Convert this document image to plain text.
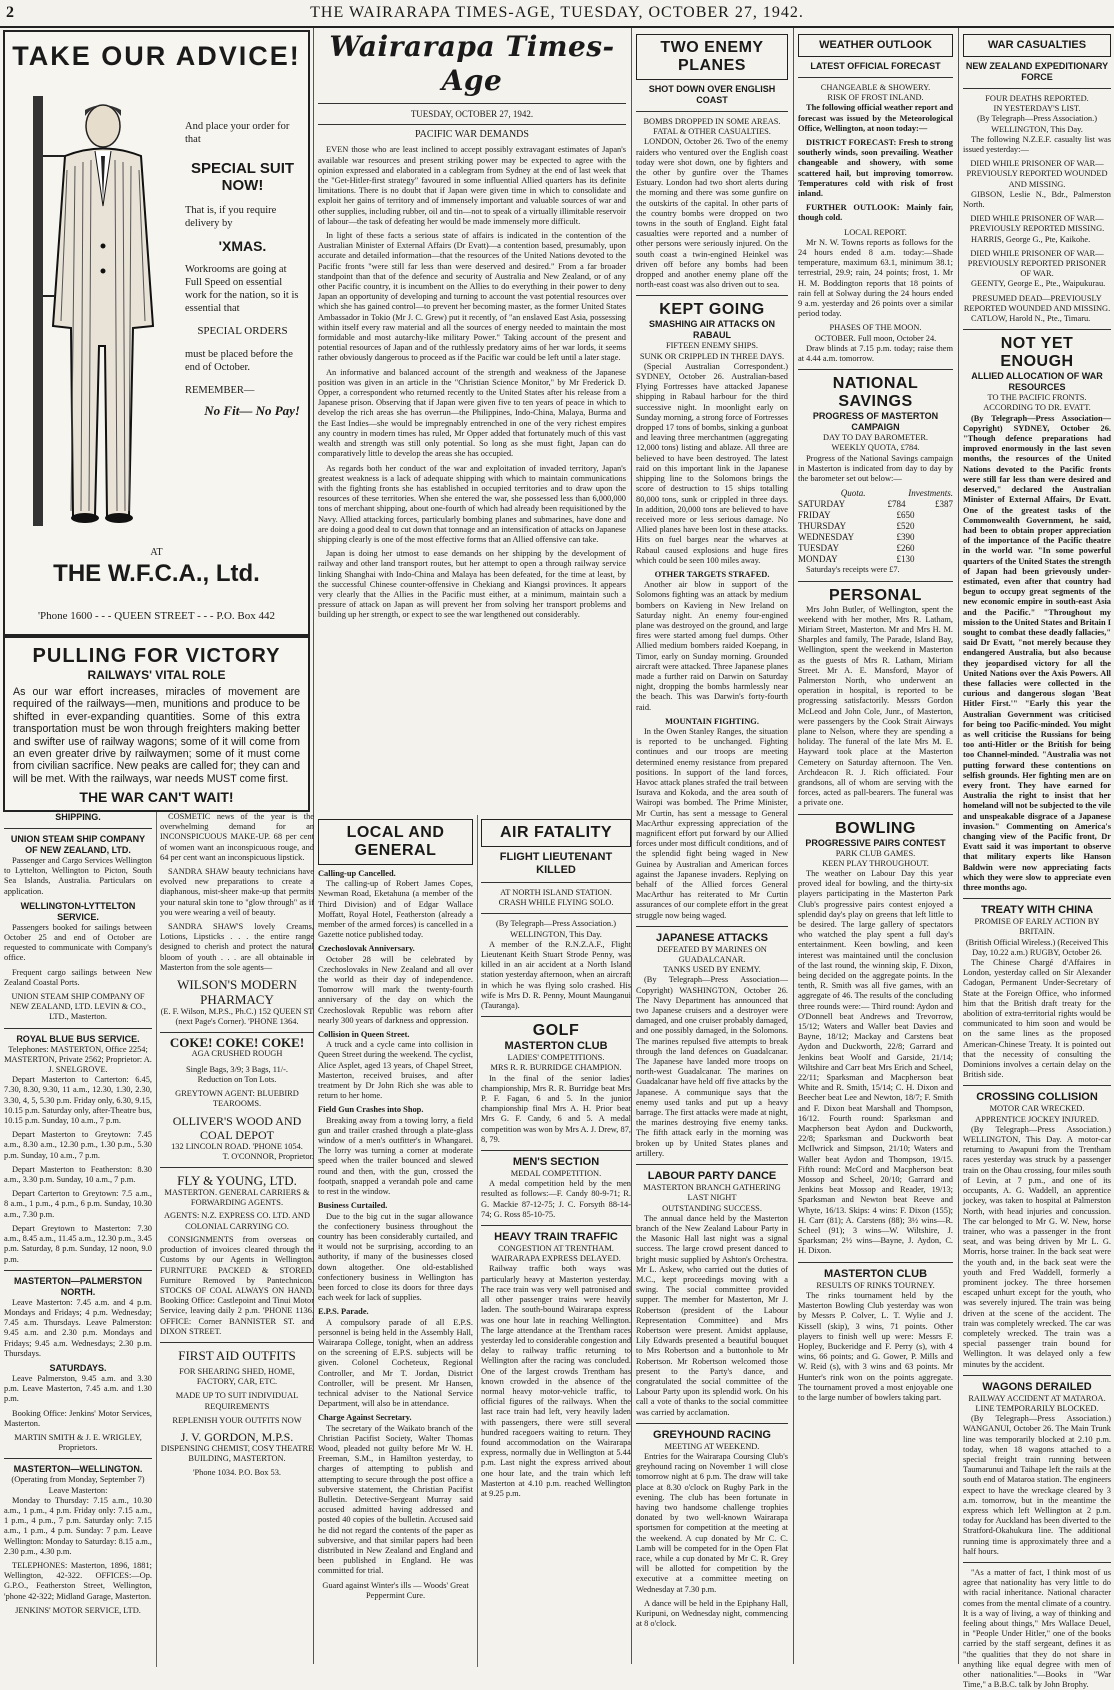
2	THE WAIRARAPA TIMES-AGE, TUESDAY, OCTOBER 27, 1942.
TAKE OUR ADVICE!
And place your order for that
SPECIAL SUIT NOW!
That is, if you require delivery by
'XMAS.
Workrooms are going at Full Speed on essential work for the nation, so it is essential that
SPECIAL ORDERS
must be placed before the end of October.
REMEMBER—
No Fit— No Pay!
AT
THE W.F.C.A., Ltd.
'Phone 1600 - - - QUEEN STREET - - - P.O. Box 442
PULLING FOR VICTORY
RAILWAYS' VITAL ROLE
As our war effort increases, miracles of movement are required of the railways—men, munitions and produce to be shifted in ever-expanding quantities. Some of this extra transportation must be won through freighters making better and swifter use of railway wagons; some of it will come from an even greater drive by railwaymen; some of it must come from civilian sacrifice. New peaks are called for; they can and will be met. With the railways, war needs MUST come first.
THE WAR CAN'T WAIT!
SHIPPING.
UNION STEAM SHIP COMPANY OF NEW ZEALAND, LTD.

Passenger and Cargo Services Wellington to Lyttelton, Wellington to Picton, South Sea Islands, Australia. Particulars on application.

WELLINGTON-LYTTELTON SERVICE.

Passengers booked for sailings between October 25 and end of October are requested to communicate with Company's office.

Frequent cargo sailings between New Zealand Coastal Ports.

UNION STEAM SHIP COMPANY OF NEW ZEALAND, LTD. LEVIN & CO., LTD., Masterton.
ROYAL BLUE BUS SERVICE.
Telephones: MASTERTON, Office 2254; MASTERTON, Private 2562; Proprietor: A. J. SNELGROVE.

Depart Masterton to Carterton: 6.45, 7.30, 8.30, 9.30, 11 a.m., 12.30, 1.30, 2.30, 3.30, 4, 5, 5.30 p.m. Friday only, 6.30, 9.15, 10.15 p.m. Saturday only, after-Theatre bus, 10.15 p.m. Sunday, 10 a.m., 7 p.m.

Depart Masterton to Greytown: 7.45 a.m., 8.30 a.m., 12.30 p.m., 1.30 p.m., 5.30 p.m. Sunday, 10 a.m., 7 p.m.

Depart Masterton to Featherston: 8.30 a.m., 3.30 p.m. Sunday, 10 a.m., 7 p.m.

Depart Carterton to Greytown: 7.5 a.m., 8 a.m., 1 p.m., 4 p.m., 6 p.m. Sunday, 10.30 a.m., 7.30 p.m.

Depart Greytown to Masterton: 7.30 a.m., 8.45 a.m., 11.45 a.m., 12.30 p.m., 3.45 p.m. Saturday, 8 p.m. Sunday, 12 noon, 9.0 p.m.

MASTERTON—PALMERSTON NORTH.

Leave Masterton: 7.45 a.m. and 4 p.m. Mondays and Fridays; 4 p.m. Wednesday; 7.45 a.m. Thursdays. Leave Palmerston: 9.45 a.m. and 2.30 p.m. Mondays and Fridays; 9.45 a.m. Wednesdays; 2.30 p.m. Thursdays.

SATURDAYS.

Leave Palmerston, 9.45 a.m. and 3.30 p.m. Leave Masterton, 7.45 a.m. and 1.30 p.m.

Booking Office: Jenkins' Motor Services, Masterton.

MARTIN SMITH & J. E. WRIGLEY, Proprietors.
MASTERTON—WELLINGTON.
(Operating from Monday, September 7) Leave Masterton:

Monday to Thursday: 7.15 a.m., 10.30 a.m., 1 p.m., 4 p.m. Friday only: 7.15 a.m., 1 p.m., 4 p.m., 7 p.m. Saturday only: 7.15 a.m., 1 p.m., 4 p.m. Sunday: 7 p.m. Leave Wellington: Monday to Saturday: 8.15 a.m., 2.30 p.m., 4.30 p.m.

TELEPHONES: Masterton, 1896, 1881; Wellington, 42-322. OFFICES:—Op. G.P.O., Featherston Street, Wellington, 'phone 42-322; Midland Garage, Masterton.

JENKINS' MOTOR SERVICE, LTD.

COSMETIC news of the year is the overwhelming demand for an INCONSPICUOUS MAKE-UP. 68 per cent of women want an inconspicuous rouge, and 64 per cent want an inconspicuous lipstick.

SANDRA SHAW beauty technicians have evolved new preparations to create a diaphanous, mist-sheer make-up that permits your natural skin tone to "glow through" as if you were wearing a veil of beauty.

SANDRA SHAW'S lovely Creams, Lotions, Lipsticks . . . the entire range designed to cherish and protect the natural bloom of youth . . . are all obtainable in Masterton from the sole agents—

WILSON'S MODERN PHARMACY
(E. F. Wilson, M.P.S., Ph.C.) 152 QUEEN ST (next Page's Corner). 'PHONE 1364.
COKE! COKE! COKE!
AGA CRUSHED ROUGH
Single Bags, 3/9; 3 Bags, 11/-.
Reduction on Ton Lots.
GREYTOWN AGENT: BLUEBIRD TEAROOMS.
OLLIVER'S WOOD AND COAL DEPOT
132 LINCOLN ROAD. 'PHONE 1054.
T. O'CONNOR, Proprietor.
FLY & YOUNG, LTD.
MASTERTON. GENERAL CARRIERS & FORWARDING AGENTS.
AGENTS: N.Z. EXPRESS CO. LTD. AND COLONIAL CARRYING CO.

CONSIGNMENTS from overseas on production of invoices cleared through the Customs by our Agents in Wellington. FURNITURE PACKED & STORED. Furniture Removed by Pantechnicon. STOCKS OF COAL ALWAYS ON HAND. Booking Office: Castlepoint and Tinui Motor Service, leaving daily 2 p.m. 'PHONE 1136. OFFICE: Corner BANNISTER ST. and DIXON STREET.

FIRST AID OUTFITS
FOR SHEARING SHED, HOME, FACTORY, CAR, ETC.
MADE UP TO SUIT INDIVIDUAL REQUIREMENTS
REPLENISH YOUR OUTFITS NOW
J. V. GORDON, M.P.S.
DISPENSING CHEMIST, COSY THEATRE BUILDING, MASTERTON.
'Phone 1034. P.O. Box 53.
Wairarapa Times-Age
TUESDAY, OCTOBER 27, 1942.
PACIFIC WAR DEMANDS

EVEN those who are least inclined to accept possibly extravagant estimates of Japan's available war resources and present striking power may be expected to agree with the opinion expressed and elaborated in a cablegram from Sydney at the end of last week that the "Get-Hitler-first strategy" favoured in some influential Allied quarters has its definite limitations. There is no doubt that if Japan were given time in which to consolidate and exploit her gains of territory and of immensely important and valuable sources of war and other supplies, including rubber, oil and tin—not to speak of a virtually illimitable reservoir of labour—the task of defeating her would be made immensely more difficult.

In light of these facts a serious state of affairs is indicated in the contention of the Australian Minister of External Affairs (Dr Evatt)—a contention based, presumably, upon accurate and detailed information—that the resources of the United Nations devoted to the Pacific fronts "were still far less than were deserved and desired." From a far broader standpoint than that of the defence and security of Australia and New Zealand, or of any other Pacific country, it is incumbent on the Allies to do everything in their power to deny Japan an opportunity of developing and turning to account the vast potential resources over which she has gained control—to prevent her becoming master, as the former United States Ambassador in Tokio (Mr J. C. Grew) put it recently, of "an enslaved East Asia, possessing within itself every raw material and all the sources of energy needed to maintain the most formidable and most autarchy-like military Power." Taking account of the present and potential resources of Japan and of the ruthlessly predatory aims of her war lords, it seems rather obviously dangerous to proceed as if the Pacific war could be left until a later stage.

An informative and balanced account of the strength and weakness of the Japanese position was given in an article in the "Christian Science Monitor," by Mr Frederick D. Opper, a correspondent who returned recently to the United States after his release from a Japanese prison. Observing that if Japan were given five to ten years of peace in which to develop the rich areas she has overrun—the Philippines, Indo-China, Malaya, Burma and the East Indies—she would be impregnably entrenched in one of the very richest empires any country in modern times has ruled, Mr Opper added that fortunately much of this vast wealth and strength was still only potential. So long as she must fight, Japan can do comparatively little to develop the areas she has occupied.

As regards both her conduct of the war and exploitation of invaded territory, Japan's greatest weakness is a lack of adequate shipping with which to maintain communications with the fighting fronts she has established in occupied territories and to draw upon the resources of these territories. When she entered the war, she possessed less than 6,000,000 tons of merchant shipping, about one-fourth of which had already been requisitioned by the Navy. Allied attacking forces, particularly bombing planes and submarines, have done and are doing a good deal to cut down that tonnage and an intensification of attacks on Japanese shipping clearly is one of the most effective forms that an Allied offensive can take.

Japan is doing her utmost to ease demands on her shipping by the development of railway and other land transport routes, but her attempt to open a through railway service linking Shanghai with Indo-China and Malaya has been defeated, for the time at least, by the successful Chinese counter-offensive in Chekiang and Kiangsi provinces. It appears very clearly that the Allies in the Pacific must either, at a minimum, maintain such a pressure of attack on Japan as will prevent her from solving her transport problems and building up her strength, or expect to see the war lengthened out considerably.

LOCAL AND GENERAL
Calling-up Cancelled.

The calling-up of Robert James Copes, Newman Road, Eketahuna (a member of the Third Division) and of Edgar Wallace Moffatt, Royal Hotel, Featherston (already a member of the armed forces) is cancelled in a Gazette notice published today.

Czechoslovak Anniversary.

October 28 will be celebrated by Czechoslovaks in New Zealand and all over the world as their day of independence. Tomorrow will mark the twenty-fourth anniversary of the day on which the Czechoslovak Republic was reborn after nearly 300 years of darkness and oppression.

Collision in Queen Street.

A truck and a cycle came into collision in Queen Street during the weekend. The cyclist, Alice Asplet, aged 13 years, of Chapel Street, Masterton, received bruises, and after treatment by Dr John Rich she was able to return to her home.

Field Gun Crashes into Shop.

Breaking away from a towing lorry, a field gun and trailer crashed through a plate-glass window of a men's outfitter's in Whangarei. The lorry was turning a corner at moderate speed when the trailer bounced and slewed round and then, with the gun, crossed the footpath, snapped a verandah pole and came to rest in the window.

Business Curtailed.

Due to the big cut in the sugar allowance the confectionery business throughout the country has been considerably curtailed, and it would not be surprising, according to an authority, if many of the businesses closed down altogether. One old-established confectionery business in Wellington has been forced to close its doors for three days each week for lack of supplies.

E.P.S. Parade.

A compulsory parade of all E.P.S. personnel is being held in the Assembly Hall, Wairarapa College, tonight, when an address on the screening of E.P.S. subjects will be given. Colonel Cocheteux, Regional Controller, and Mr T. Jordan, District Controller, will be present. Mr Hansen, technical adviser to the National Service Department, will also be in attendance.

Charge Against Secretary.

The secretary of the Waikato branch of the Christian Pacifist Society, Walter Thomas Wood, pleaded not guilty before Mr W. H. Freeman, S.M., in Hamilton yesterday, to charges of attempting to publish and attempting to secure through the post office a subversive statement, the Christian Pacifist Bulletin. Detective-Sergeant Murray said accused admitted having addressed and posted 40 copies of the bulletin. Accused said he did not regard the contents of the paper as subversive, and that similar papers had been distributed in New Zealand and England and been published in England. He was committed for trial.

Guard against Winter's ills — Woods' Great Peppermint Cure.
AIR FATALITY
FLIGHT LIEUTENANT KILLED
AT NORTH ISLAND STATION.
CRASH WHILE FLYING SOLO.
(By Telegraph—Press Association.) WELLINGTON, This Day.

A member of the R.N.Z.A.F., Flight Lieutenant Keith Stuart Strode Penny, was killed in an air accident at a North Island station yesterday afternoon, when an aircraft in which he was flying solo crashed. His wife is Mrs D. R. Penny, Mount Maunganui (Tauranga).

GOLF
MASTERTON CLUB
LADIES' COMPETITIONS.
MRS R. R. BURRIDGE CHAMPION.

In the final of the senior ladies' championship, Mrs R. R. Burridge beat Mrs P. F. Fagan, 6 and 5. In the junior championship final Mrs A. H. Prior beat Mrs G. F. Candy, 6 and 5. A medal competition was won by Mrs A. J. Drew, 87, 8, 79.

MEN'S SECTION
MEDAL COMPETITION.

A medal competition held by the men resulted as follows:—F. Candy 80-9-71; R. G. Mackie 87-12-75; J. C. Forsyth 88-14-74; G. Ross 85-10-75.

HEAVY TRAIN TRAFFIC
CONGESTION AT TRENTHAM.
WAIRARAPA EXPRESS DELAYED.

Railway traffic both ways was particularly heavy at Masterton yesterday. The race train was very well patronised and all other passenger trains were heavily laden. The south-bound Wairarapa express was one hour late in reaching Wellington. The large attendance at the Trentham races yesterday led to considerable congestion and delay to railway traffic returning to Wellington after the racing was concluded. One of the largest crowds Trentham has known crowded in the absence of the normal heavy motor-vehicle traffic, to official figures of the railways. When the last race train had left, very heavily laden with passengers, there were still several hundred racegoers waiting to return. They found accommodation on the Wairarapa express, normally due in Wellington at 5.44 p.m. Last night the express arrived about one hour late, and the train which left Masterton at 4.10 p.m. reached Wellington at 9.25 p.m.

TWO ENEMY PLANES
SHOT DOWN OVER ENGLISH COAST
BOMBS DROPPED IN SOME AREAS.
FATAL & OTHER CASUALTIES.

LONDON, October 26. Two of the enemy raiders who ventured over the English coast today were shot down, one by fighters and the other by gunfire over the Thames Estuary. London had two short alerts during the morning and there was some gunfire on the outskirts of the capital. In other parts of the country bombs were dropped on two towns in the south of England. Eight fatal casualties were reported and a number of other persons were seriously injured. On the south coast a twin-engined Heinkel was driven off before any bombs had been dropped and another enemy plane off the north-east coast was also driven out to sea.

KEPT GOING
SMASHING AIR ATTACKS ON RABAUL
FIFTEEN ENEMY SHIPS.
SUNK OR CRIPPLED IN THREE DAYS.

(Special Australian Correspondent.) SYDNEY, October 26. Australian-based Flying Fortresses have attacked Japanese shipping in Rabaul harbour for the third successive night. In moonlight early on Sunday morning, a strong force of Fortresses dropped 17 tons of bombs, sinking a gunboat and leaving three merchantmen (aggregating 12,000 tons) listing and ablaze. All three are believed to have been destroyed. The latest raid on this important link in the Japanese shipping line to the Solomons brings the score of destruction to 15 ships totalling 80,000 tons, sunk or crippled in three days. In addition, 20,000 tons are believed to have received more or less serious damage. No Allied planes have been lost in these attacks. Hits on fuel barges near the wharves at Rabaul caused explosions and huge fires which could be seen 100 miles away.

OTHER TARGETS STRAFED.

Another air blow in support of the Solomons fighting was an attack by medium bombers on Kavieng in New Ireland on Saturday night. An enemy four-engined plane was destroyed on the ground, and large fires were started among fuel dumps. Other Allied medium bombers raided Koepang, in Timor, early on Sunday morning. Grounded aircraft were attacked. Three Japanese planes made a further raid on Darwin on Saturday night, dropping the bombs harmlessly near the beach. This was Darwin's forty-fourth raid.

MOUNTAIN FIGHTING.

In the Owen Stanley Ranges, the situation is reported to be unchanged. Fighting continues and our troops are meeting determined enemy resistance from prepared positions. In support of the land forces, Havoc attack planes strafed the trail between Isurava and Kokoda, and the area south of Wairopi was bombed. The Prime Minister, Mr Curtin, has sent a message to General MacArthur expressing appreciation of the magnificent effort put forward by our Allied forces under most difficult conditions, and of the splendid fight being waged in New Guinea by Australian and American forces against the Japanese invaders. Replying on behalf of the Allied forces General MacArthur has reiterated to Mr Curtin assurances of our complete effort in the great struggle now being waged.

JAPANESE ATTACKS
DEFEATED BY MARINES ON GUADALCANAR.
TANKS USED BY ENEMY.

(By Telegraph—Press Association—Copyright) WASHINGTON, October 26. The Navy Department has announced that two Japanese cruisers and a destroyer were damaged, and one cruiser probably damaged, and one possibly damaged, in the Solomons. The marines repulsed five attempts to break through the land defences on Guadalcanar. The Japanese have landed more troops on north-west Guadalcanar. The marines on Guadalcanar have held off five attacks by the Japanese. A communique says that the enemy used tanks and put up a heavy barrage. The first attacks were made at night, the marines destroying five enemy tanks. The fifth attack early in the morning was broken up by United States planes and artillery.

LABOUR PARTY DANCE
MASTERTON BRANCH GATHERING LAST NIGHT
OUTSTANDING SUCCESS.

The annual dance held by the Masterton branch of the New Zealand Labour Party in the Masonic Hall last night was a signal success. The large crowd present danced to bright music supplied by Ashton's Orchestra. Mr L. Askew, who carried out the duties of M.C., kept proceedings moving with a swing. The social committee provided supper. The member for Masterton, Mr J. Robertson (president of the Labour Representation Committee) and Mrs Robertson were present. Amidst applause, Lily Edwards presented a beautiful bouquet to Mrs Robertson and a buttonhole to Mr Robertson. Mr Robertson welcomed those present to the Party's dance, and congratulated the social committee of the Labour Party upon its splendid work. On his call a vote of thanks to the social committee was carried by acclamation.

GREYHOUND RACING
MEETING AT WEEKEND.

Entries for the Wairarapa Coursing Club's greyhound racing on November 1 will close tomorrow night at 6 p.m. The draw will take place at 8.30 o'clock on Rugby Park in the evening. The club has been fortunate in having two handsome challenge trophies donated by two well-known Wairarapa sportsmen for competition at the meeting at the weekend. A cup donated by Mr C. C. Lamb will be competed for in the Open Flat race, while a cup donated by Mr C. R. Grey will be allotted for competition by the executive at a committee meeting on Wednesday at 7.30 p.m.

A dance will be held in the Epiphany Hall, Kuripuni, on Wednesday night, commencing at 8 o'clock.

WEATHER OUTLOOK
LATEST OFFICIAL FORECAST
CHANGEABLE & SHOWERY.
RISK OF FROST INLAND.

The following official weather report and forecast was issued by the Meteorological Office, Wellington, at noon today:—

DISTRICT FORECAST: Fresh to strong southerly winds, soon prevailing. Weather changeable and showery, with some scattered hail, but improving tomorrow. Temperatures cold with risk of frost inland.

FURTHER OUTLOOK: Mainly fair, though cold.

LOCAL REPORT.

Mr N. W. Towns reports as follows for the 24 hours ended 8 a.m. today:—Shade temperature, maximum 63.1, minimum 38.1; terrestrial, 29.9; rain, 24 points; frost, 1. Mr H. M. Boddington reports that 18 points of rain fell at Solway during the 24 hours ended 9 a.m. yesterday and 26 points over a similar period today.

PHASES OF THE MOON.
OCTOBER. Full moon, October 24.

Draw blinds at 7.15 p.m. today; raise them at 4.44 a.m. tomorrow.

NATIONAL SAVINGS
PROGRESS OF MASTERTON CAMPAIGN
DAY TO DAY BAROMETER.
WEEKLY QUOTA, £784.

Progress of the National Savings campaign in Masterton is indicated from day to day by the barometer set out below:—

Quota.	Investments.
SATURDAY	£784	£387
FRIDAY	£650
THURSDAY	£520
WEDNESDAY	£390
TUESDAY	£260
MONDAY	£130

Saturday's receipts were £7.

PERSONAL

Mrs John Butler, of Wellington, spent the weekend with her mother, Mrs R. Latham, Miriam Street, Masterton. Mr and Mrs H. M. Sharples and family, The Parade, Island Bay, Wellington, spent the weekend in Masterton as the guests of Mrs R. Latham, Miriam Street. Mr A. E. Mansford, Mayor of Palmerston North, who underwent an operation in hospital, is reported to be progressing satisfactorily. Messrs Gordon McLeod and John Cole, Junr., of Masterton, were passengers by the Cook Strait Airways plane to Nelson, where they are spending a holiday. The funeral of the late Mrs M. E. Hayward took place at the Masterton Cemetery on Saturday afternoon. The Ven. Archdeacon R. J. Rich officiated. Four grandsons, all of whom are serving with the forces, acted as pall-bearers. The funeral was a private one.

BOWLING
PROGRESSIVE PAIRS CONTEST
PARK CLUB GAMES.
KEEN PLAY THROUGHOUT.

The weather on Labour Day this year proved ideal for bowling, and the thirty-six players participating in the Masterton Park Club's progressive pairs contest enjoyed a splendid day's play on greens that left little to be desired. The large gallery of spectators who watched the play spent a full day's entertainment. Keen bowling, and keen interest was maintained until the conclusion of the last round, the winning skip, F. Dixon, being decided on the aggregate points. In the tenth, R. Smith was all five games, with an aggregate of 46. The results of the concluding three rounds were:— Third round: Aydon and O'Donnell beat Andrews and Trevorrow, 15/12; Waters and Waller beat Davies and Bayne, 18/12; Mackay and Carstens beat Aydon and Duckworth, 22/8; Garrard and Jenkins beat Woolf and Garside, 21/14; Wiltshire and Carr beat Mrs Erich and Scheel, 22/11; Sparksman and Macpherson beat White and R. Smith, 15/14; C. H. Dixon and Beecher beat Lee and Newton, 18/7; F. Smith and F. Dixon beat Marshall and Thompson, 16/12. Fourth round: Sparksman and Macpherson beat Aydon and Duckworth, 22/8; Sparksman and Duckworth beat McIlwrick and Simpson, 21/10; Waters and Waller beat Aydon and Thompson, 19/15. Fifth round: McCord and Macpherson beat Mossop and Scheel, 20/10; Garrard and Jenkins beat Mossop and Reader, 19/13; Sparksman and Newton beat Reeve and Whyte, 16/13. Skips: 4 wins: F. Dixon (155); H. Carr (81); A. Carstens (88); 3½ wins—R. Scheel (91); 3 wins—W. Wiltshire, J. Sparksman; 2½ wins—Bayne, J. Aydon, C. H. Dixon.

MASTERTON CLUB
RESULTS OF RINKS TOURNEY.

The rinks tournament held by the Masterton Bowling Club yesterday was won by Messrs P. Colver, L. T. Wylie and J. Kissell (skip), 3 wins, 71 points. Other players to finish well up were: Messrs F. Hopley, Buckeridge and F. Perry (s), with 4 wins, 66 points; and G. Gower, P. Mills and W. Reid (s), with 3 wins and 63 points. Mr Hunter's rink won on the points aggregate. The tournament proved a most enjoyable one to the large number of bowlers taking part.

WAR CASUALTIES
NEW ZEALAND EXPEDITIONARY FORCE
FOUR DEATHS REPORTED.
IN YESTERDAY'S LIST.
(By Telegraph—Press Association.) WELLINGTON, This Day.

The following N.Z.E.F. casualty list was issued yesterday:—

DIED WHILE PRISONER OF WAR—PREVIOUSLY REPORTED WOUNDED AND MISSING.

GIBSON, Leslie N., Bdr., Palmerston North.

DIED WHILE PRISONER OF WAR—PREVIOUSLY REPORTED MISSING.

HARRIS, George G., Pte, Kaikohe.

DIED WHILE PRISONER OF WAR—PREVIOUSLY REPORTED PRISONER OF WAR.

GEENTY, George E., Pte., Waipukurau.

PRESUMED DEAD—PREVIOUSLY REPORTED WOUNDED AND MISSING.

CATLOW, Harold N., Pte., Timaru.

NOT YET ENOUGH
ALLIED ALLOCATION OF WAR RESOURCES
TO THE PACIFIC FRONTS.
ACCORDING TO DR. EVATT.

(By Telegraph—Press Association—Copyright) SYDNEY, October 26. "Though defence preparations had improved enormously in the last seven months, the resources of the United Nations devoted to the Pacific fronts were still far less than were desired and deserved," declared the Australian Minister of External Affairs, Dr Evatt. One of the greatest tasks of the Commonwealth Government, he said, had been to obtain proper appreciation of the importance of the Pacific theatre in the world war. "In some powerful quarters of the United States the strength of Japan had been grievously under-estimated, even after that country had begun to occupy great segments of the new economic empire in south-east Asia and the Pacific." "Throughout my mission to the United States and Britain I sought to combat these deadly fallacies," said Dr Evatt, "not merely because they endangered Australia, but also because they jeopardised victory for all the United Nations over the Axis Powers. All these fallacies were collected in the curious and dangerous slogan 'Beat Hitler First.'" "Early this year the Australian Government was criticised for being too Pacific-minded. You might as well criticise the Russians for being too anti-Hitler or the British for being too Channel-minded. "Australia was not putting forward these contentions on selfish grounds. Her fighting men are on every front. They have earned for Australia the right to insist that her homeland will not be subjected to the vile and unspeakable disgrace of a Japanese invasion." Commenting on America's changing view of the Pacific front, Dr Evatt said it was important to observe that military experts like Hanson Baldwin were now appreciating facts which they were slow to appreciate even three months ago.

TREATY WITH CHINA
PROMISE OF EARLY ACTION BY BRITAIN.
(British Official Wireless.) (Received This Day, 10.22 a.m.) RUGBY, October 26.

The Chinese Chargé d'Affaires in London, yesterday called on Sir Alexander Cadogan, Permanent Under-Secretary of State at the Foreign Office, who informed him that the British draft treaty for the abolition of extra-territorial rights would be communicated to him soon and would be on the same lines as the proposed American-Chinese Treaty. It is pointed out that the necessity of consulting the Dominions involves a certain delay on the British side.

CROSSING COLLISION
MOTOR CAR WRECKED.
APPRENTICE JOCKEY INJURED.

(By Telegraph—Press Association.) WELLINGTON, This Day. A motor-car returning to Awapuni from the Trentham races yesterday was struck by a passenger train on the Ohau crossing, four miles south of Levin, at 7 p.m., and one of its occupants, A. G. Waddell, an apprentice jockey, was taken to hospital at Palmerston North, with head injuries and concussion. The car belonged to Mr G. W. New, horse trainer, who was a passenger in the front seat, and was being driven by Mr L. G. Morris, horse trainer. In the back seat were the youth and, in the back seat were the youth and Fred Waddell, formerly a prominent jockey. The three horsemen escaped unhurt except for the youth, who was severely injured. The train was being driven at the scene of the accident. The train was completely wrecked. The car was completely wrecked. The train was a special passenger train bound for Wellington. It was delayed only a few minutes by the accident.

WAGONS DERAILED
RAILWAY ACCIDENT AT MATAROA.
LINE TEMPORARILY BLOCKED.

(By Telegraph—Press Association.) WANGANUI, October 26. The Main Trunk line was temporarily blocked at 2.10 p.m. today, when 18 wagons attached to a special freight train running between Taumarunui and Taihape left the rails at the south end of Mataroa station. The engineers expect to have the wreckage cleared by 3 a.m. tomorrow, but in the meantime the express which left Wellington at 2 p.m. today for Auckland has been diverted to the Stratford-Okahukura line. The additional running time is approximately three and a half hours.

"As a matter of fact, I think most of us agree that nationality has very little to do with racial inheritance. National character comes from the mental climate of a country. It is a way of living, a way of thinking and feeling about things," Mrs Wallace Deuel, in "People Under Hitler," one of the books carried by the staff sergeant, defines it as "the qualities that they do not share in anything like equal degree with men of other nationalities."—Books in "War Time," a B.B.C. talk by John Brophy.
